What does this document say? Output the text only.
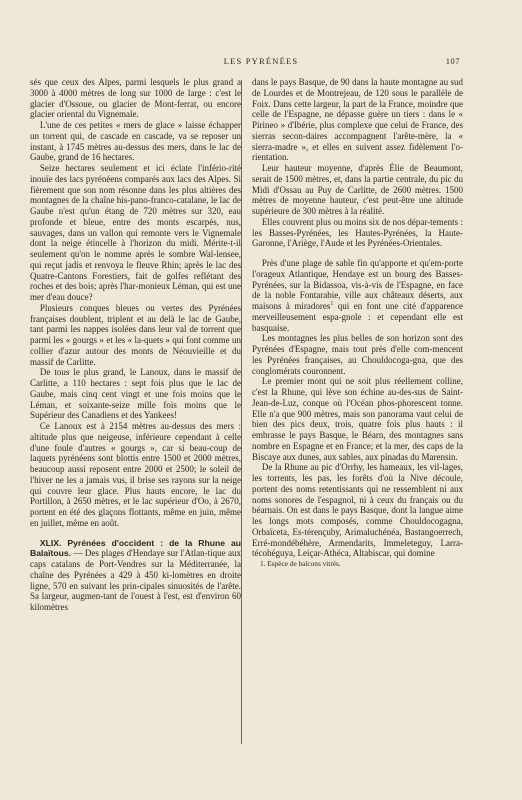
LES PYRÉNÉES	107

sés que ceux des Alpes, parmi lesquels le plus grand a 3000 à 4000 mètres de long sur 1000 de large : c'est le glacier d'Ossoue, ou glacier de Mont-ferrat, ou encore glacier oriental du Vignemale.

L'une de ces petites « mers de glace » laisse échapper un torrent qui, de cascade en cascade, va se reposer un instant, à 1745 mètres au-dessus des mers, dans le lac de Gaube, grand de 16 hectares.

Seize hectares seulement et ici éclate l'infério-rité inouïe des lacs pyrénéens comparés aux lacs des Alpes. Si fièrement que son nom résonne dans les plus altières des montagnes de la chaîne his-pano-franco-catalane, le lac de Gaube n'est qu'un étang de 720 mètres sur 320, eau profonde et bleue, entre des monts escarpés, nus, sauvages, dans un vallon qui remonte vers le Vignemale dont la neige étincelle à l'horizon du midi. Mérite-t-il seulement qu'on le nomme après le sombre Wal-lensee, qui reçut jadis et renvoya le fleuve Rhin; après le lac des Quatre-Cantons Forestiers, fait de golfes reflétant des roches et des bois; après l'har-monieux Léman, qui est une mer d'eau douce?

Plusieurs conques bleues ou vertes des Pyrénées françaises doublent, triplent et au delà le lac de Gaube, tant parmi les nappes isolées dans leur val de torrent que parmi les « gourgs » et les « la-quets » qui font comme un collier d'azur autour des monts de Néouvieille et du massif de Carlitte.

De tous le plus grand, le Lanoux, dans le massif de Carlitte, a 110 hectares : sept fois plus que le lac de Gaube, mais cinq cent vingt et une fois moins que le Léman, et soixante-seize mille fois moins que le Supérieur des Canadiens et des Yankees!

Ce Lanoux est à 2154 mètres au-dessus des mers : altitude plus que neigeuse, inférieure cependant à celle d'une foule d'autres « gourgs », car si beau-coup de laquets pyrénéens sont blottis entre 1500 et 2000 mètres, beaucoup aussi reposent entre 2000 et 2500; le soleil de l'hiver ne les a jamais vus, il brise ses rayons sur la neige qui couvre leur glace. Plus hauts encore, le lac du Portillon, à 2650 mètres, et le lac supérieur d'Oo, à 2670, portent en été des glaçons flottants, même en juin, même en juillet, même en août.

XLIX. Pyrénées d'occident : de la Rhune au Balaïtous. — Des plages d'Hendaye sur l'Atlan-tique aux caps catalans de Port-Vendres sur la Méditerranée, la chaîne des Pyrénées a 429 à 450 ki-lomètres en droite ligne, 570 en suivant les prin-cipales sinuosités de l'arête. Sa largeur, augmen-tant de l'ouest à l'est, est d'environ 60 kilomètres

dans le pays Basque, de 90 dans la haute montagne au sud de Lourdes et de Montrejeau, de 120 sous le parallèle de Foix. Dans cette largeur, la part de la France, moindre que celle de l'Espagne, ne dépasse guère un tiers : dans le « Pirineo » d'Ibérie, plus complexe que celui de France, des sierras secon-daires accompagnent l'arête-mère, la « sierra-madre », et elles en suivent assez fidèlement l'o-rientation.

Leur hauteur moyenne, d'après Élie de Beaumont, serait de 1500 mètres, et, dans la partie centrale, du pic du Midi d'Ossau au Puy de Carlitte, de 2600 mètres. 1500 mètres de moyenne hauteur, c'est peut-être une altitude supérieure de 300 mètres à la réalité.

Elles couvrent plus ou moins six de nos dépar-tements : les Basses-Pyrénées, les Hautes-Pyrénées, la Haute-Garonne, l'Ariège, l'Aude et les Pyrénées-Orientales.

Près d'une plage de sable fin qu'apporte et qu'em-porte l'orageux Atlantique, Hendaye est un bourg des Basses-Pyrénées, sur la Bidassoa, vis-à-vis de l'Espagne, en face de la noble Fontarabie, ville aux châteaux déserts, aux maisons à miradores$^1$ qui en font une cité d'apparence merveilleusement espa-gnole : et cependant elle est basquaise.

Les montagnes les plus belles de son horizon sont des Pyrénées d'Espagne, mais tout près d'elle com-mencent les Pyrénées françaises, au Chouldocoga-gna, que des conglomérats couronnent.

Le premier mont qui ne soit plus réellement colline, c'est la Rhune, qui lève son échine au-des-sus de Saint-Jean-de-Luz, conque où l'Océan phos-phorescent tonne. Elle n'a que 900 mètres, mais son panorama vaut celui de bien des pics deux, trois, quatre fois plus hauts : il embrasse le pays Basque, le Béarn, des montagnes sans nombre en Espagne et en France; et la mer, des caps de la Biscaye aux dunes, aux sables, aux pinadas du Marensin.

De la Rhune au pic d'Orrhy, les hameaux, les vil-lages, les torrents, les pas, les forêts d'où la Nive découle, portent des noms retentissants qui ne ressemblent ni aux noms sonores de l'espagnol, ni à ceux du français ou du béarnais. On est dans le pays Basque, dont la langue aime les longs mots composés, comme Chouldocogagna, Orbaïceta, Es-térençuby, Arimaluchénéa, Bastangoerrech, Erré-mondébéhère, Armendarits, Immeleteguy, Larra-técohéguya, Leiçar-Athéca, Altabiscar, qui domine

1. Espèce de balcons vitrés.
